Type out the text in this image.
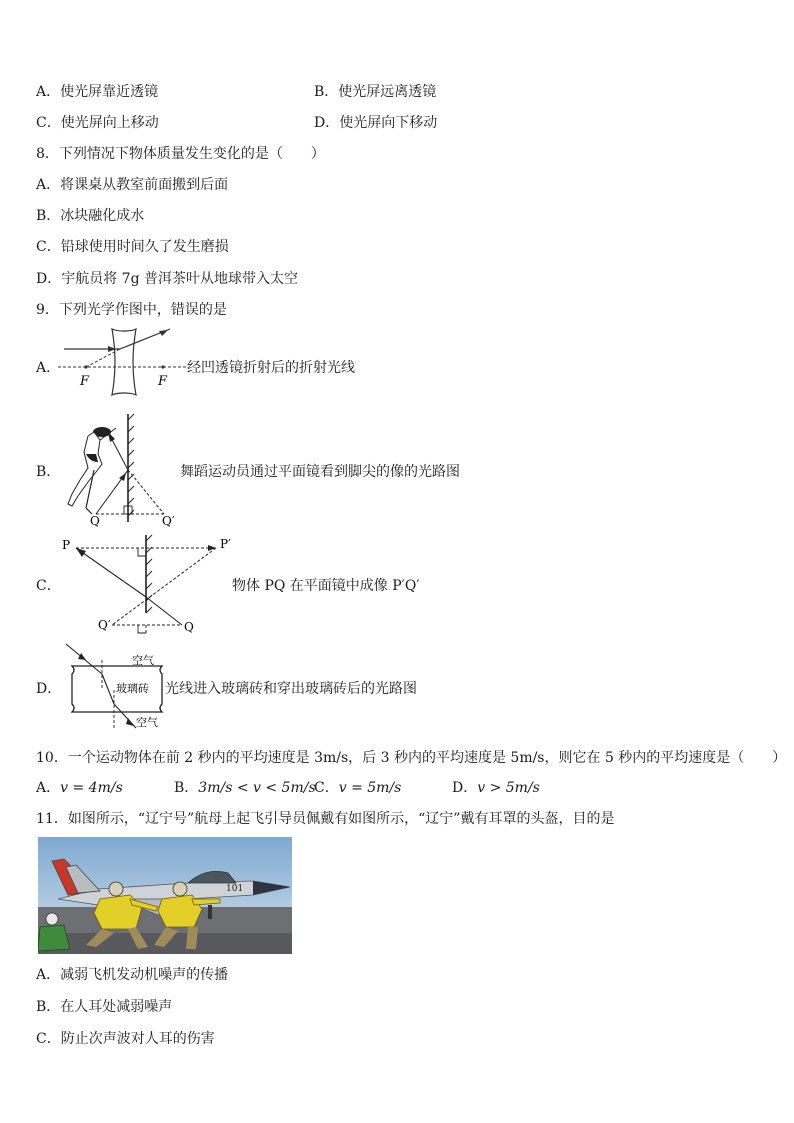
A．使光屏靠近透镜	B．使光屏远离透镜
C．使光屏向上移动	D．使光屏向下移动
8．下列情况下物体质量发生变化的是（　　）
A．将课桌从教室前面搬到后面
B．冰块融化成水
C．铅球使用时间久了发生磨损
D．宇航员将 7g 普洱茶叶从地球带入太空
9．下列光学作图中，错误的是
A．
F	F
经凹透镜折射后的折射光线
B．
Q	Q′
舞蹈运动员通过平面镜看到脚尖的像的光路图
C．
P	P′
Q
Q′
物体 PQ 在平面镜中成像 P′Q′
D．
空气
玻璃砖
空气
光线进入玻璃砖和穿出玻璃砖后的光路图
10．一个运动物体在前 2 秒内的平均速度是 3m/s，后 3 秒内的平均速度是 5m/s，则它在 5 秒内的平均速度是（　　）
A．v = 4m/s	B．3m/s < v < 5m/s
C．v = 5m/s	D．v > 5m/s
11．如图所示，“辽宁号”航母上起飞引导员佩戴有如图所示，“辽宁”戴有耳罩的头盔，目的是
101
A．减弱飞机发动机噪声的传播
B．在人耳处减弱噪声
C．防止次声波对人耳的伤害
